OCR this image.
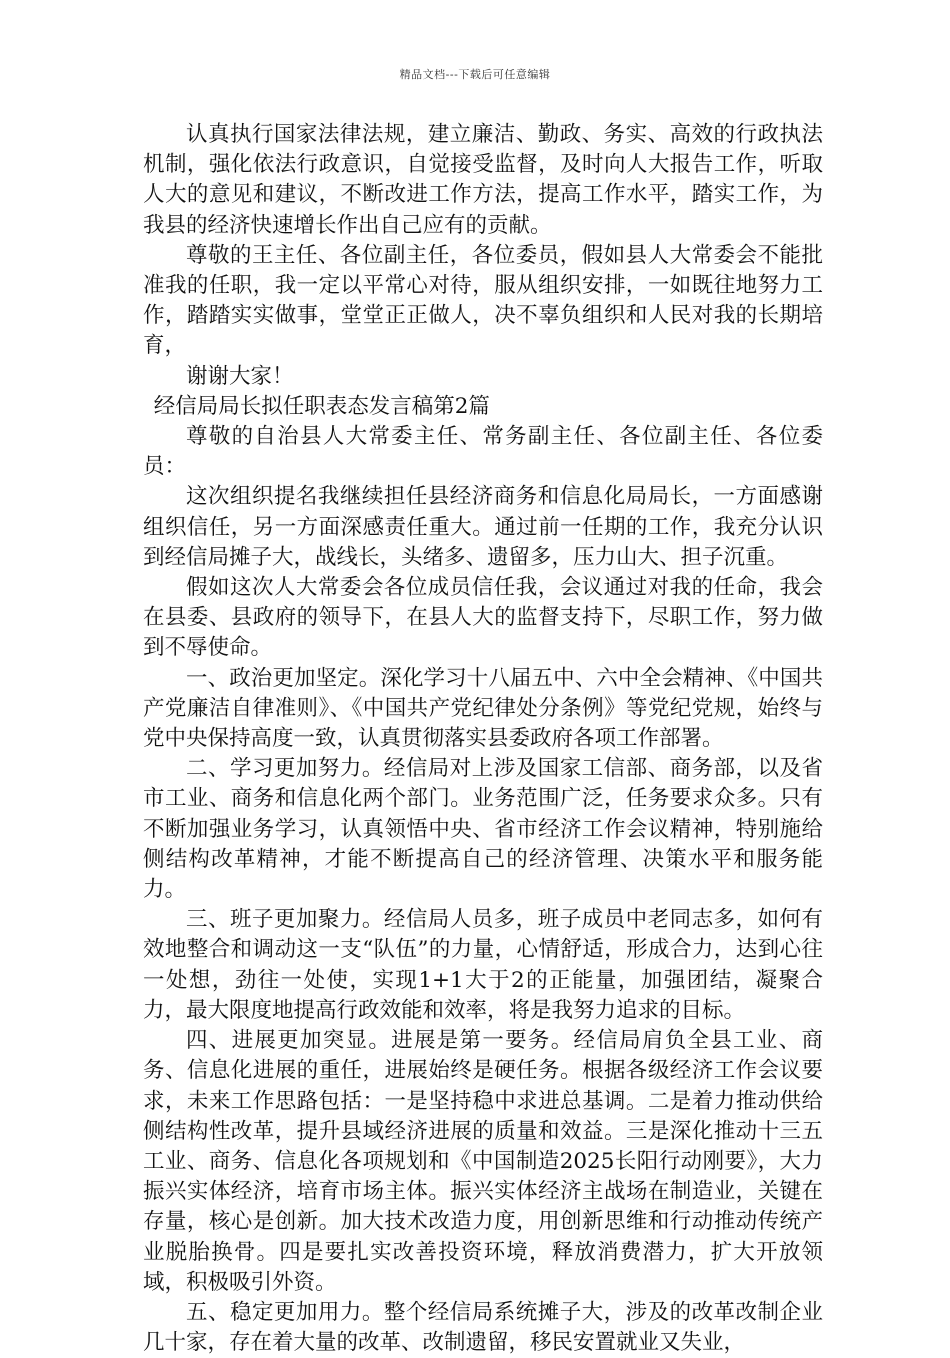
精品文档---下载后可任意编辑

认真执行国家法律法规，建立廉洁、勤政、务实、高效的行政执法机制，强化依法行政意识，自觉接受监督，及时向人大报告工作，听取人大的意见和建议，不断改进工作方法，提高工作水平，踏实工作，为我县的经济快速增长作出自己应有的贡献。

尊敬的王主任、各位副主任，各位委员，假如县人大常委会不能批准我的任职，我一定以平常心对待，服从组织安排，一如既往地努力工作，踏踏实实做事，堂堂正正做人，决不辜负组织和人民对我的长期培育，

谢谢大家！

经信局局长拟任职表态发言稿第2篇

尊敬的自治县人大常委主任、常务副主任、各位副主任、各位委员：

这次组织提名我继续担任县经济商务和信息化局局长，一方面感谢组织信任，另一方面深感责任重大。通过前一任期的工作，我充分认识到经信局摊子大，战线长，头绪多、遗留多，压力山大、担子沉重。

假如这次人大常委会各位成员信任我，会议通过对我的任命，我会在县委、县政府的领导下，在县人大的监督支持下，尽职工作，努力做到不辱使命。

一、政治更加坚定。深化学习十八届五中、六中全会精神、《中国共产党廉洁自律准则》、《中国共产党纪律处分条例》等党纪党规，始终与党中央保持高度一致，认真贯彻落实县委政府各项工作部署。

二、学习更加努力。经信局对上涉及国家工信部、商务部，以及省市工业、商务和信息化两个部门。业务范围广泛，任务要求众多。只有不断加强业务学习，认真领悟中央、省市经济工作会议精神，特别施给侧结构改革精神，才能不断提高自己的经济管理、决策水平和服务能力。

三、班子更加聚力。经信局人员多，班子成员中老同志多，如何有效地整合和调动这一支“队伍”的力量，心情舒适，形成合力，达到心往一处想，劲往一处使，实现1+1大于2的正能量，加强团结，凝聚合力，最大限度地提高行政效能和效率，将是我努力追求的目标。

四、进展更加突显。进展是第一要务。经信局肩负全县工业、商务、信息化进展的重任，进展始终是硬任务。根据各级经济工作会议要求，未来工作思路包括：一是坚持稳中求进总基调。二是着力推动供给侧结构性改革，提升县域经济进展的质量和效益。三是深化推动十三五工业、商务、信息化各项规划和《中国制造2025长阳行动刚要》，大力振兴实体经济，培育市场主体。振兴实体经济主战场在制造业，关键在存量，核心是创新。加大技术改造力度，用创新思维和行动推动传统产业脱胎换骨。四是要扎实改善投资环境，释放消费潜力，扩大开放领域，积极吸引外资。

五、稳定更加用力。整个经信局系统摊子大，涉及的改革改制企业几十家，存在着大量的改革、改制遗留，移民安置就业又失业，
